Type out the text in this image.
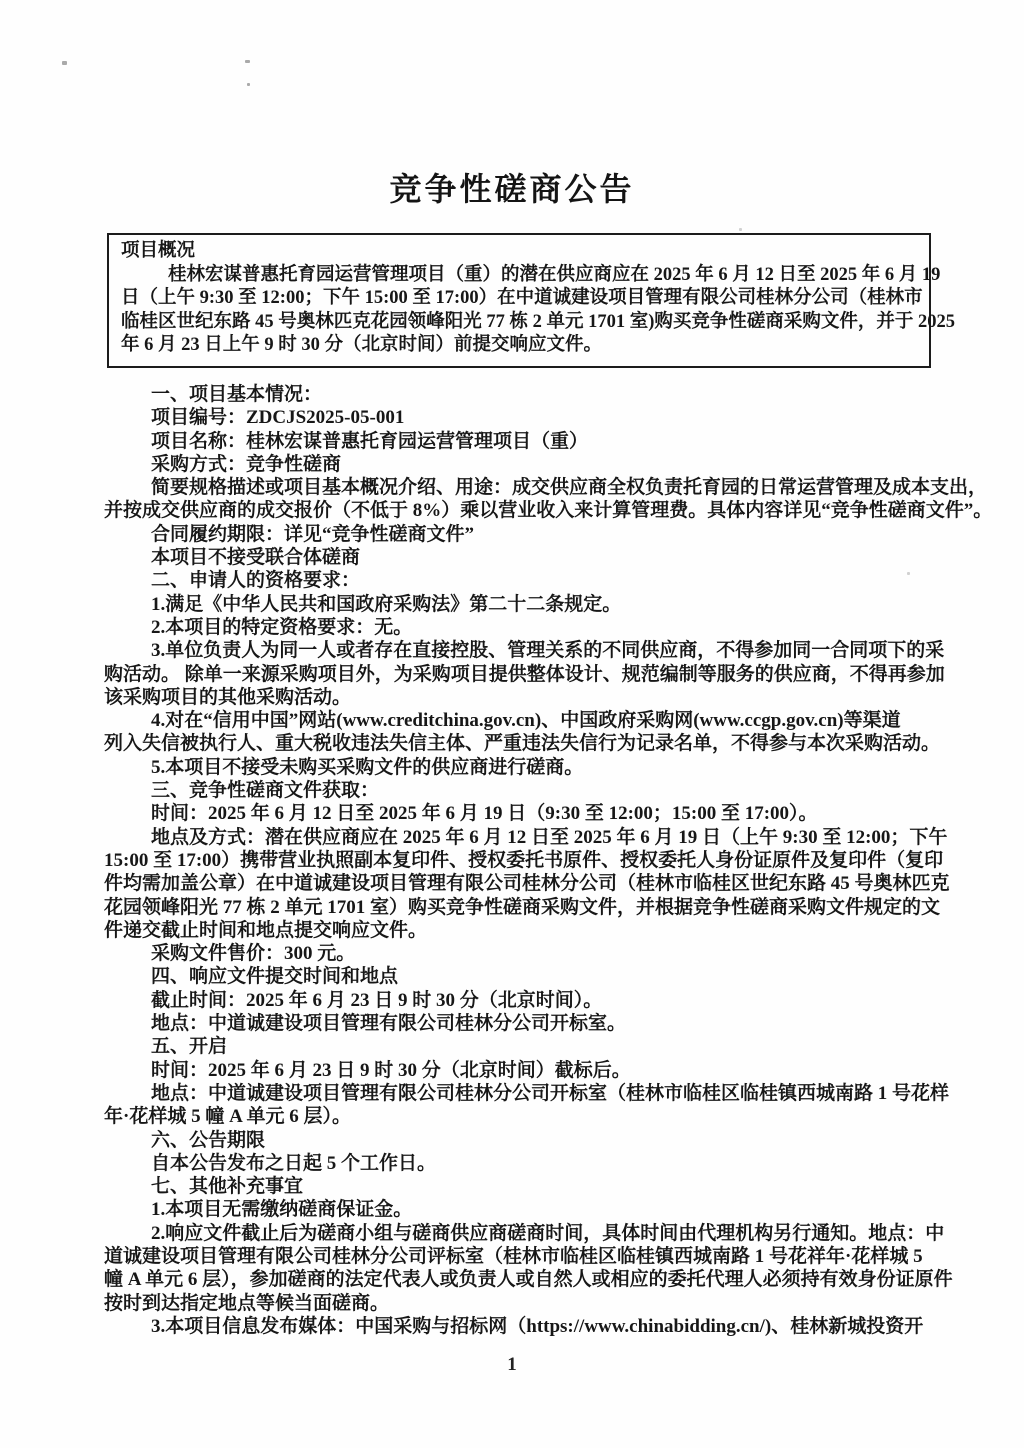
竞争性磋商公告
项目概况
桂林宏谋普惠托育园运营管理项目（重）的潜在供应商应在 2025 年 6 月 12 日至 2025 年 6 月 19
日（上午 9:30 至 12:00；下午 15:00 至 17:00）在中道诚建设项目管理有限公司桂林分公司（桂林市
临桂区世纪东路 45 号奥林匹克花园领峰阳光 77 栋 2 单元 1701 室)购买竞争性磋商采购文件，并于 2025
年 6 月 23 日上午 9 时 30 分（北京时间）前提交响应文件。
一、项目基本情况：
项目编号：ZDCJS2025-05-001
项目名称：桂林宏谋普惠托育园运营管理项目（重）
采购方式：竞争性磋商
简要规格描述或项目基本概况介绍、用途：成交供应商全权负责托育园的日常运营管理及成本支出，
并按成交供应商的成交报价（不低于 8%）乘以营业收入来计算管理费。具体内容详见“竞争性磋商文件”。
合同履约期限：详见“竞争性磋商文件”
本项目不接受联合体磋商
二、申请人的资格要求：
1.满足《中华人民共和国政府采购法》第二十二条规定。
2.本项目的特定资格要求：无。
3.单位负责人为同一人或者存在直接控股、管理关系的不同供应商，不得参加同一合同项下的采
购活动。 除单一来源采购项目外，为采购项目提供整体设计、规范编制等服务的供应商，不得再参加
该采购项目的其他采购活动。
4.对在“信用中国”网站(www.creditchina.gov.cn)、中国政府采购网(www.ccgp.gov.cn)等渠道
列入失信被执行人、重大税收违法失信主体、严重违法失信行为记录名单，不得参与本次采购活动。
5.本项目不接受未购买采购文件的供应商进行磋商。
三、竞争性磋商文件获取：
时间：2025 年 6 月 12 日至 2025 年 6 月 19 日（9:30 至 12:00；15:00 至 17:00）。
地点及方式：潜在供应商应在 2025 年 6 月 12 日至 2025 年 6 月 19 日（上午 9:30 至 12:00；下午
15:00 至 17:00）携带营业执照副本复印件、授权委托书原件、授权委托人身份证原件及复印件（复印
件均需加盖公章）在中道诚建设项目管理有限公司桂林分公司（桂林市临桂区世纪东路 45 号奥林匹克
花园领峰阳光 77 栋 2 单元 1701 室）购买竞争性磋商采购文件，并根据竞争性磋商采购文件规定的文
件递交截止时间和地点提交响应文件。
采购文件售价：300 元。
四、响应文件提交时间和地点
截止时间：2025 年 6 月 23 日 9 时 30 分（北京时间）。
地点：中道诚建设项目管理有限公司桂林分公司开标室。
五、开启
时间：2025 年 6 月 23 日 9 时 30 分（北京时间）截标后。
地点：中道诚建设项目管理有限公司桂林分公司开标室（桂林市临桂区临桂镇西城南路 1 号花样
年·花样城 5 幢 A 单元 6 层）。
六、公告期限
自本公告发布之日起 5 个工作日。
七、其他补充事宜
1.本项目无需缴纳磋商保证金。
2.响应文件截止后为磋商小组与磋商供应商磋商时间，具体时间由代理机构另行通知。地点：中
道诚建设项目管理有限公司桂林分公司评标室（桂林市临桂区临桂镇西城南路 1 号花祥年·花样城 5
幢 A 单元 6 层），参加磋商的法定代表人或负责人或自然人或相应的委托代理人必须持有效身份证原件
按时到达指定地点等候当面磋商。
3.本项目信息发布媒体：中国采购与招标网（https://www.chinabidding.cn/)、桂林新城投资开
1
